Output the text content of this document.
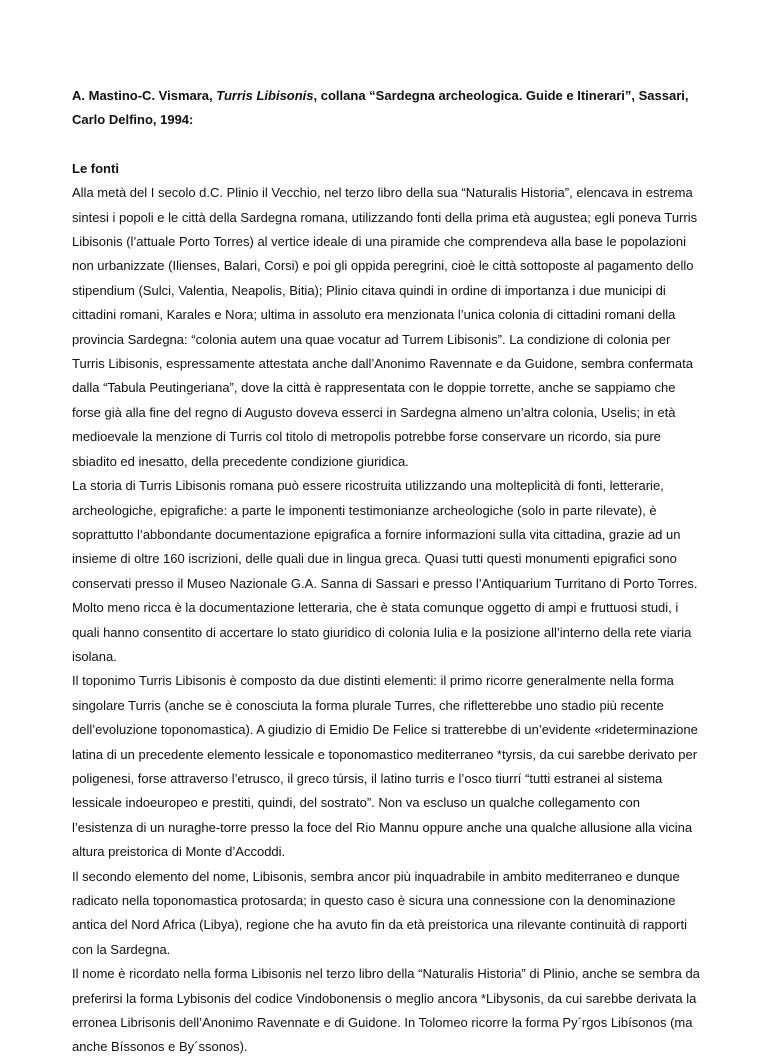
A. Mastino-C. Vismara, Turris Libisonis, collana “Sardegna archeologica. Guide e Itinerari”, Sassari, Carlo Delfino, 1994:

Le fonti

Alla metà del I secolo d.C. Plinio il Vecchio, nel terzo libro della sua “Naturalis Historia”, elencava in estrema sintesi i popoli e le città della Sardegna romana, utilizzando fonti della prima età augustea; egli poneva Turris Libisonis (l’attuale Porto Torres) al vertice ideale di una piramide che comprendeva alla base le popolazioni non urbanizzate (Ilienses, Balari, Corsi) e poi gli oppida peregrini, cioè le città sottoposte al pagamento dello stipendium (Sulci, Valentia, Neapolis, Bitia); Plinio citava quindi in ordine di importanza i due municipi di cittadini romani, Karales e Nora; ultima in assoluto era menzionata l’unica colonia di cittadini romani della provincia Sardegna: “colonia autem una quae vocatur ad Turrem Libisonis”. La condizione di colonia per Turris Libisonis, espressamente attestata anche dall’Anonimo Ravennate e da Guidone, sembra confermata dalla “Tabula Peutingeriana”, dove la città è rappresentata con le doppie torrette, anche se sappiamo che forse già alla fine del regno di Augusto doveva esserci in Sardegna almeno un’altra colonia, Uselis; in età medioevale la menzione di Turris col titolo di metropolis potrebbe forse conservare un ricordo, sia pure sbiadito ed inesatto, della precedente condizione giuridica.

La storia di Turris Libisonis romana può essere ricostruita utilizzando una molteplicità di fonti, letterarie, archeologiche, epigrafiche: a parte le imponenti testimonianze archeologiche (solo in parte rilevate), è soprattutto l’abbondante documentazione epigrafica a fornire informazioni sulla vita cittadina, grazie ad un insieme di oltre 160 iscrizioni, delle quali due in lingua greca. Quasi tutti questi monumenti epigrafici sono conservati presso il Museo Nazionale G.A. Sanna di Sassari e presso l’Antiquarium Turritano di Porto Torres.

Molto meno ricca è la documentazione letteraria, che è stata comunque oggetto di ampi e fruttuosi studi, i quali hanno consentito di accertare lo stato giuridico di colonia Iulia e la posizione all’interno della rete viaria isolana.

Il toponimo Turris Libisonis è composto da due distinti elementi: il primo ricorre generalmente nella forma singolare Turris (anche se è conosciuta la forma plurale Turres, che rifletterebbe uno stadio più recente dell’evoluzione toponomastica). A giudizio di Emidio De Felice si tratterebbe di un’evidente «rideterminazione latina di un precedente elemento lessicale e toponomastico mediterraneo *tyrsis, da cui sarebbe derivato per poligenesi, forse attraverso l’etrusco, il greco túrsis, il latino turris e l’osco tiurrí “tutti estranei al sistema lessicale indoeuropeo e prestiti, quindi, del sostrato”. Non va escluso un qualche collegamento con l’esistenza di un nuraghe-torre presso la foce del Rio Mannu oppure anche una qualche allusione alla vicina altura preistorica di Monte d’Accoddi.

Il secondo elemento del nome, Libisonis, sembra ancor più inquadrabile in ambito mediterraneo e dunque radicato nella toponomastica protosarda; in questo caso è sicura una connessione con la denominazione antica del Nord Africa (Libya), regione che ha avuto fin da età preistorica una rilevante continuità di rapporti con la Sardegna.

Il nome è ricordato nella forma Libisonis nel terzo libro della “Naturalis Historia” di Plinio, anche se sembra da preferirsi la forma Lybisonis del codice Vindobonensis o meglio ancora *Libysonis, da cui sarebbe derivata la erronea Librisonis dell’Anonimo Ravennate e di Guidone. In Tolomeo ricorre la forma Py´rgos Libísonos (ma anche Bíssonos e By´ssonos).
